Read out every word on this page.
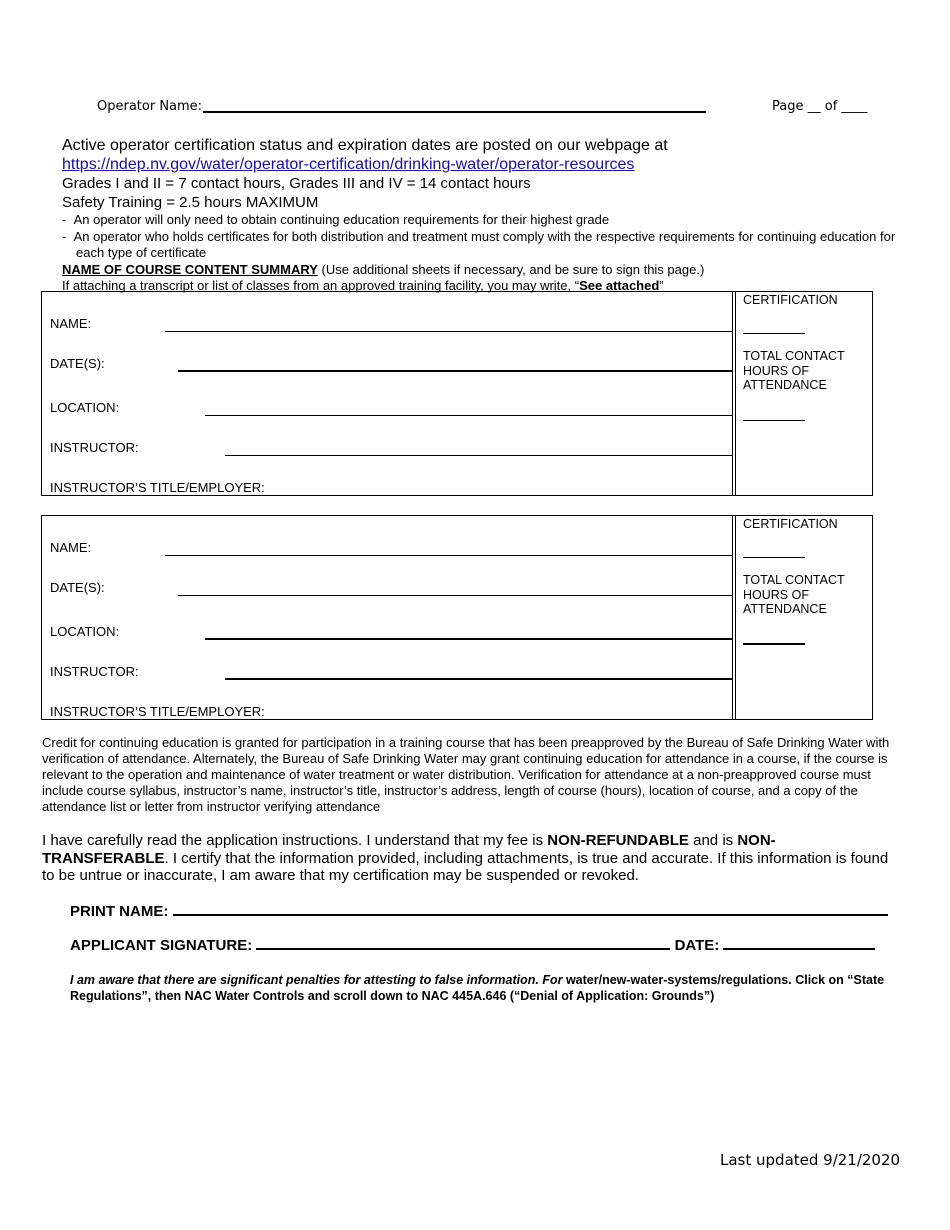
Operator Name:	Page __ of ____
Active operator certification status and expiration dates are posted on our webpage at
https://ndep.nv.gov/water/operator-certification/drinking-water/operator-resources
Grades I and II = 7 contact hours, Grades III and IV = 14 contact hours
Safety Training = 2.5 hours MAXIMUM
- An operator will only need to obtain continuing education requirements for their highest grade
- An operator who holds certificates for both distribution and treatment must comply with the respective requirements for continuing education for each type of certificate
NAME OF COURSE CONTENT SUMMARY (Use additional sheets if necessary, and be sure to sign this page.)
If attaching a transcript or list of classes from an approved training facility, you may write, “See attached”
NAME:
DATE(S):
LOCATION:
INSTRUCTOR:
INSTRUCTOR’S TITLE/EMPLOYER:
CERTIFICATION
TOTAL CONTACT HOURS OF ATTENDANCE
NAME:
DATE(S):
LOCATION:
INSTRUCTOR:
INSTRUCTOR’S TITLE/EMPLOYER:
CERTIFICATION
TOTAL CONTACT HOURS OF ATTENDANCE
Credit for continuing education is granted for participation in a training course that has been preapproved by the Bureau of Safe Drinking Water with verification of attendance. Alternately, the Bureau of Safe Drinking Water may grant continuing education for attendance in a course, if the course is relevant to the operation and maintenance of water treatment or water distribution. Verification for attendance at a non-preapproved course must include course syllabus, instructor’s name, instructor’s title, instructor’s address, length of course (hours), location of course, and a copy of the attendance list or letter from instructor verifying attendance
I have carefully read the application instructions. I understand that my fee is NON-REFUNDABLE and is NON-TRANSFERABLE. I certify that the information provided, including attachments, is true and accurate. If this information is found to be untrue or inaccurate, I am aware that my certification may be suspended or revoked.
PRINT NAME:
APPLICANT SIGNATURE:	DATE:
I am aware that there are significant penalties for attesting to false information. For water/new-water-systems/regulations. Click on “State Regulations”, then NAC Water Controls and scroll down to NAC 445A.646 (“Denial of Application: Grounds”)
Last updated 9/21/2020
